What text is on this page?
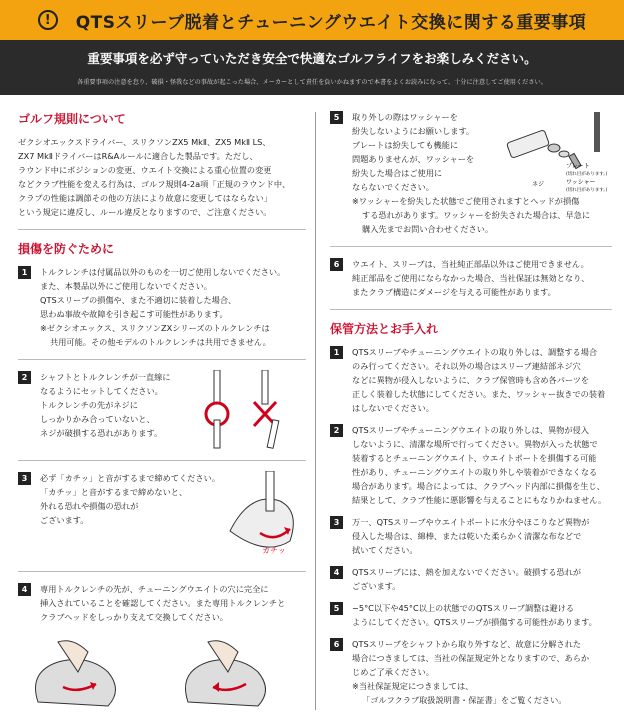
!	QTSスリーブ脱着とチューニングウエイト交換に関する重要事項
重要事項を必ず守っていただき安全で快適なゴルフライフをお楽しみください。
各重要事項の注意を怠り、破損・怪我などの事故が起こった場合、メーカーとして責任を負いかねますので本書をよくお読みになって、十分に注意してご使用ください。
ゴルフ規則について

ゼクシオエックスドライバー、スリクソンZX5 MkⅡ、ZX5 MkⅡ LS、

ZX7 MkⅡドライバーはR&Aルールに適合した製品です。ただし、

ラウンド中にポジションの変更、ウエイト交換による重心位置の変更

などクラブ性能を変える行為は、ゴルフ規則4-2a項「正規のラウンド中、

クラブの性能は調節その他の方法により故意に変更してはならない」

という規定に違反し、ルール違反となりますので、ご注意ください。

損傷を防ぐために
1	トルクレンチは付属品以外のものを一切ご使用しないでください。

また、本製品以外にご使用しないでください。

QTSスリーブの損傷や、また不適切に装着した場合、

思わぬ事故や故障を引き起こす可能性があります。

※ゼクシオエックス、スリクソンZXシリーズのトルクレンチは

共用可能。その他モデルのトルクレンチは共用できません。

2	シャフトとトルクレンチが一直線に

なるようにセットしてください。

トルクレンチの先がネジに

しっかりかみ合っていないと、

ネジが破損する恐れがあります。

3	必ず「カチッ」と音がするまで締めてください。

「カチッ」と音がするまで締めないと、

外れる恐れや損傷の恐れが

ございます。

カチッ
4	専用トルクレンチの先が、チューニングウエイトの穴に完全に

挿入されていることを確認してください。また専用トルクレンチと

クラブヘッドをしっかり支えて交換してください。

5	取り外しの際はワッシャーを

紛失しないようにお願いします。

プレートは紛失しても機能に

問題ありませんが、ワッシャーを

紛失した場合はご使用に

ならないでください。

プレート
(切れ目があります。)
ネジ	ワッシャー
(切れ目があります。)

※ワッシャーを紛失した状態でご使用されますとヘッドが損傷

する恐れがあります。ワッシャーを紛失された場合は、早急に

購入先までお問い合わせください。

6	ウエイト、スリーブは、当社純正部品以外はご使用できません。

純正部品をご使用にならなかった場合、当社保証は無効となり、

またクラブ構造にダメージを与える可能性があります。

保管方法とお手入れ
1	QTSスリーブやチューニングウエイトの取り外しは、調整する場合

のみ行ってください。それ以外の場合はスリーブ連結部ネジ穴

などに異物が侵入しないように、クラブ保管時も含め各パーツを

正しく装着した状態にしてください。また、ワッシャー抜きでの装着

はしないでください。

2	QTSスリーブやチューニングウエイトの取り外しは、異物が侵入

しないように、清潔な場所で行ってください。異物が入った状態で

装着するとチューニングウエイト、ウエイトポートを損傷する可能

性があり、チューニングウエイトの取り外しや装着ができなくなる

場合があります。場合によっては、クラブヘッド内部に損傷を生じ、

結果として、クラブ性能に悪影響を与えることにもなりかねません。

3	万一、QTSスリーブやウエイトポートに水分やほこりなど異物が

侵入した場合は、綿棒、または乾いた柔らかく清潔な布などで

拭いてください。

4	QTSスリーブには、熱を加えないでください。破損する恐れが

ございます。

5	−5°C以下や45°C以上の状態でのQTSスリーブ調整は避ける

ようにしてください。QTSスリーブが損傷する可能性があります。

6	QTSスリーブをシャフトから取り外すなど、故意に分解された

場合につきましては、当社の保証規定外となりますので、あらか

じめご了承ください。

※当社保証規定につきましては、

「ゴルフクラブ取扱説明書・保証書」をご覧ください。
